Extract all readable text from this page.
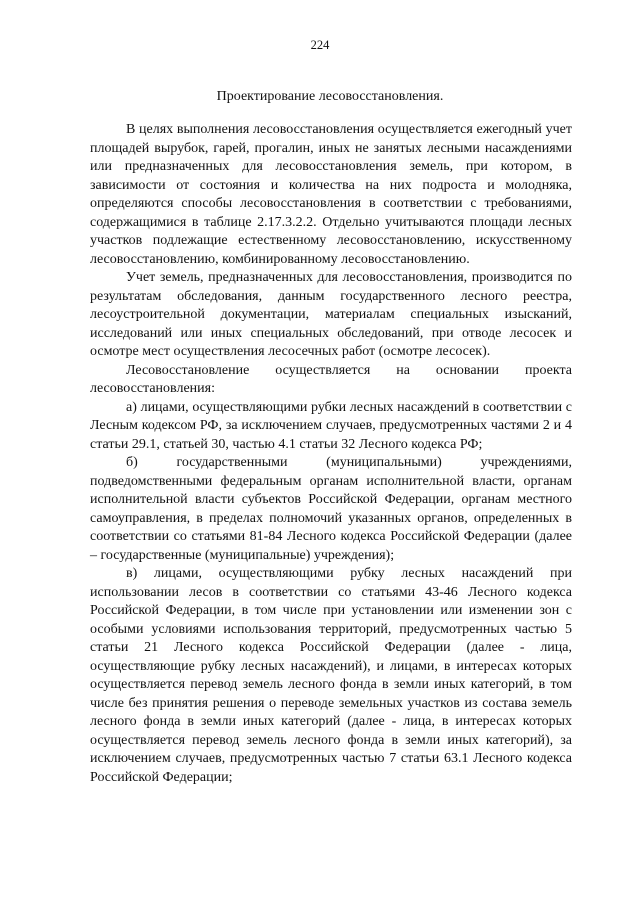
224
Проектирование лесовосстановления.

В целях выполнения лесовосстановления осуществляется ежегодный учет площадей вырубок, гарей, прогалин, иных не занятых лесными насаждениями или предназначенных для лесовосстановления земель, при котором, в зависимости от состояния и количества на них подроста и молодняка, определяются способы лесовосстановления в соответствии с требованиями, содержащимися в таблице 2.17.3.2.2. Отдельно учитываются площади лесных участков подлежащие естественному лесовосстановлению, искусственному лесовосстановлению, комбинированному лесовосстановлению.

Учет земель, предназначенных для лесовосстановления, производится по результатам обследования, данным государственного лесного реестра, лесоустроительной документации, материалам специальных изысканий, исследований или иных специальных обследований, при отводе лесосек и осмотре мест осуществления лесосечных работ (осмотре лесосек).

Лесовосстановление осуществляется на основании проекта лесовосстановления:

а) лицами, осуществляющими рубки лесных насаждений в соответствии с Лесным кодексом РФ, за исключением случаев, предусмотренных частями 2 и 4 статьи 29.1, статьей 30, частью 4.1 статьи 32 Лесного кодекса РФ;

б) государственными (муниципальными) учреждениями, подведомственными федеральным органам исполнительной власти, органам исполнительной власти субъектов Российской Федерации, органам местного самоуправления, в пределах полномочий указанных органов, определенных в соответствии со статьями 81-84 Лесного кодекса Российской Федерации (далее – государственные (муниципальные) учреждения);

в) лицами, осуществляющими рубку лесных насаждений при использовании лесов в соответствии со статьями 43-46 Лесного кодекса Российской Федерации, в том числе при установлении или изменении зон с особыми условиями использования территорий, предусмотренных частью 5 статьи 21 Лесного кодекса Российской Федерации (далее - лица, осуществляющие рубку лесных насаждений), и лицами, в интересах которых осуществляется перевод земель лесного фонда в земли иных категорий, в том числе без принятия решения о переводе земельных участков из состава земель лесного фонда в земли иных категорий (далее - лица, в интересах которых осуществляется перевод земель лесного фонда в земли иных категорий), за исключением случаев, предусмотренных частью 7 статьи 63.1 Лесного кодекса Российской Федерации;
